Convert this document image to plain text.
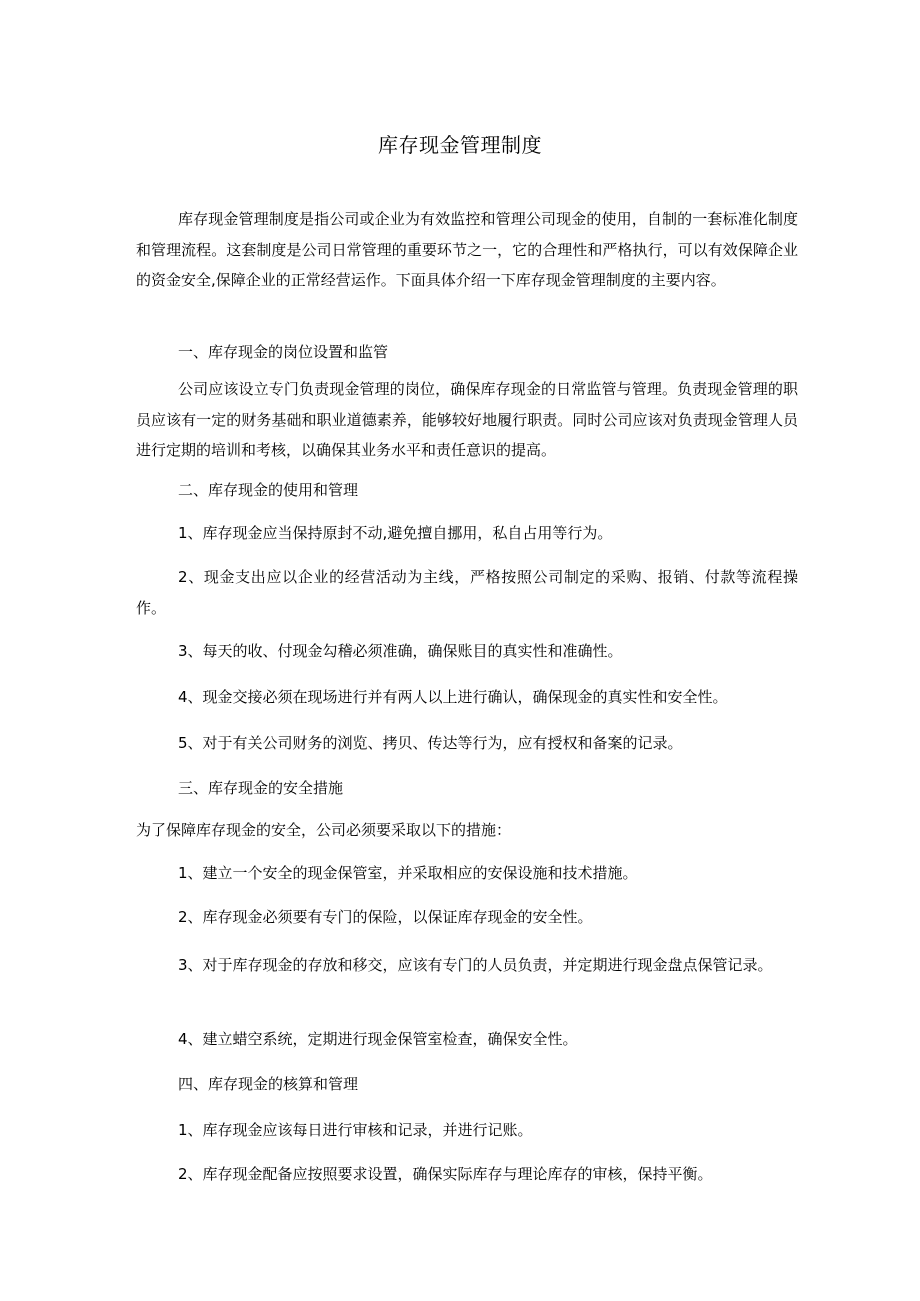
库存现金管理制度

库存现金管理制度是指公司或企业为有效监控和管理公司现金的使用，自制的一套标准化制度和管理流程。这套制度是公司日常管理的重要环节之一，它的合理性和严格执行，可以有效保障企业的资金安全,保障企业的正常经营运作。下面具体介绍一下库存现金管理制度的主要内容。

一、库存现金的岗位设置和监管

公司应该设立专门负责现金管理的岗位，确保库存现金的日常监管与管理。负责现金管理的职员应该有一定的财务基础和职业道德素养，能够较好地履行职责。同时公司应该对负责现金管理人员进行定期的培训和考核，以确保其业务水平和责任意识的提高。

二、库存现金的使用和管理

1、库存现金应当保持原封不动,避免擅自挪用，私自占用等行为。

2、现金支出应以企业的经营活动为主线，严格按照公司制定的采购、报销、付款等流程操作。

3、每天的收、付现金勾稽必须准确，确保账目的真实性和准确性。

4、现金交接必须在现场进行并有两人以上进行确认，确保现金的真实性和安全性。

5、对于有关公司财务的浏览、拷贝、传达等行为，应有授权和备案的记录。

三、库存现金的安全措施

为了保障库存现金的安全，公司必须要采取以下的措施：

1、建立一个安全的现金保管室，并采取相应的安保设施和技术措施。

2、库存现金必须要有专门的保险，以保证库存现金的安全性。

3、对于库存现金的存放和移交，应该有专门的人员负责，并定期进行现金盘点保管记录。

4、建立蜡空系统，定期进行现金保管室检查，确保安全性。

四、库存现金的核算和管理

1、库存现金应该每日进行审核和记录，并进行记账。

2、库存现金配备应按照要求设置，确保实际库存与理论库存的审核，保持平衡。
